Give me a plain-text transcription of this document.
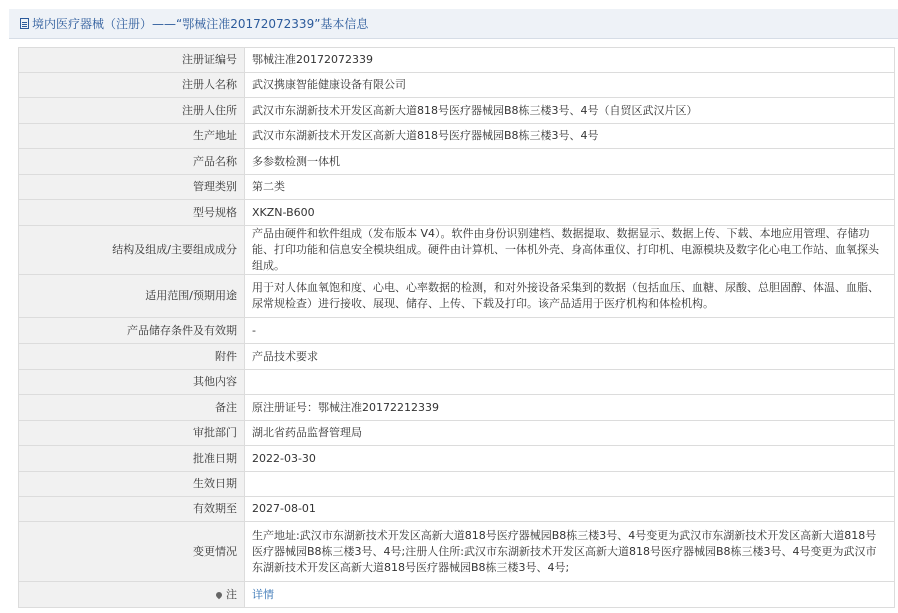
境内医疗器械（注册）——“鄂械注准20172072339”基本信息
注册证编号	鄂械注准20172072339
注册人名称	武汉携康智能健康设备有限公司
注册人住所	武汉市东湖新技术开发区高新大道818号医疗器械园B8栋三楼3号、4号（自贸区武汉片区）
生产地址	武汉市东湖新技术开发区高新大道818号医疗器械园B8栋三楼3号、4号
产品名称	多参数检测一体机
管理类别	第二类
型号规格	XKZN-B600
结构及组成/主要组成成分	产品由硬件和软件组成（发布版本 V4）。软件由身份识别建档、数据提取、数据显示、数据上传、下载、本地应用管理、存储功能、打印功能和信息安全模块组成。硬件由计算机、一体机外壳、身高体重仪、打印机、电源模块及数字化心电工作站、血氧探头组成。
适用范围/预期用途	用于对人体血氧饱和度、心电、心率数据的检测，和对外接设备采集到的数据（包括血压、血糖、尿酸、总胆固醇、体温、血脂、尿常规检查）进行接收、展现、储存、上传、下载及打印。该产品适用于医疗机构和体检机构。
产品储存条件及有效期	-
附件	产品技术要求
其他内容	
备注	原注册证号：鄂械注准20172212339
审批部门	湖北省药品监督管理局
批准日期	2022-03-30
生效日期	
有效期至	2027-08-01
变更情况	生产地址:武汉市东湖新技术开发区高新大道818号医疗器械园B8栋三楼3号、4号变更为武汉市东湖新技术开发区高新大道818号医疗器械园B8栋三楼3号、4号;注册人住所:武汉市东湖新技术开发区高新大道818号医疗器械园B8栋三楼3号、4号变更为武汉市东湖新技术开发区高新大道818号医疗器械园B8栋三楼3号、4号;
注	详情
